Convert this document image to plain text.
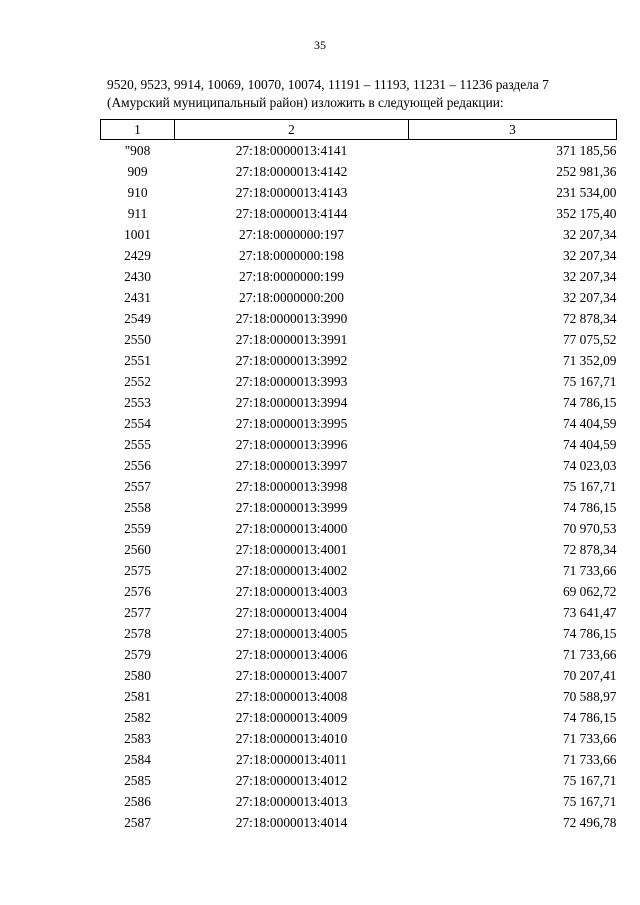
35
9520, 9523, 9914, 10069, 10070, 10074, 11191 – 11193, 11231 – 11236 раздела 7
(Амурский муниципальный район) изложить в следующей редакции:
1	2	3
"908	27:18:0000013:4141	371 185,56
909	27:18:0000013:4142	252 981,36
910	27:18:0000013:4143	231 534,00
911	27:18:0000013:4144	352 175,40
1001	27:18:0000000:197	32 207,34
2429	27:18:0000000:198	32 207,34
2430	27:18:0000000:199	32 207,34
2431	27:18:0000000:200	32 207,34
2549	27:18:0000013:3990	72 878,34
2550	27:18:0000013:3991	77 075,52
2551	27:18:0000013:3992	71 352,09
2552	27:18:0000013:3993	75 167,71
2553	27:18:0000013:3994	74 786,15
2554	27:18:0000013:3995	74 404,59
2555	27:18:0000013:3996	74 404,59
2556	27:18:0000013:3997	74 023,03
2557	27:18:0000013:3998	75 167,71
2558	27:18:0000013:3999	74 786,15
2559	27:18:0000013:4000	70 970,53
2560	27:18:0000013:4001	72 878,34
2575	27:18:0000013:4002	71 733,66
2576	27:18:0000013:4003	69 062,72
2577	27:18:0000013:4004	73 641,47
2578	27:18:0000013:4005	74 786,15
2579	27:18:0000013:4006	71 733,66
2580	27:18:0000013:4007	70 207,41
2581	27:18:0000013:4008	70 588,97
2582	27:18:0000013:4009	74 786,15
2583	27:18:0000013:4010	71 733,66
2584	27:18:0000013:4011	71 733,66
2585	27:18:0000013:4012	75 167,71
2586	27:18:0000013:4013	75 167,71
2587	27:18:0000013:4014	72 496,78
